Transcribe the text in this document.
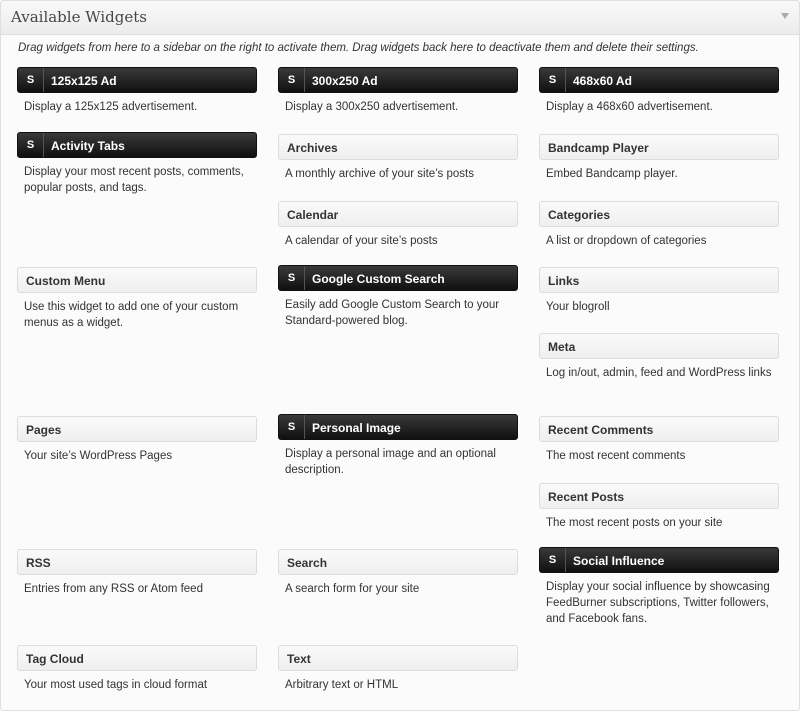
Available Widgets
Drag widgets from here to a sidebar on the right to activate them. Drag widgets back here to deactivate them and delete their settings.
S	125x125 Ad
Display a 125x125 advertisement.
S	300x250 Ad
Display a 300x250 advertisement.
S	468x60 Ad
Display a 468x60 advertisement.
S	Activity Tabs
Display your most recent posts, comments, popular posts, and tags.
Archives
A monthly archive of your site’s posts
Bandcamp Player
Embed Bandcamp player.
Calendar
A calendar of your site’s posts
Categories
A list or dropdown of categories
Custom Menu
Use this widget to add one of your custom menus as a widget.
S	Google Custom Search
Easily add Google Custom Search to your Standard-powered blog.
Links
Your blogroll
Meta
Log in/out, admin, feed and WordPress links
Pages
Your site’s WordPress Pages
S	Personal Image
Display a personal image and an optional description.
Recent Comments
The most recent comments
Recent Posts
The most recent posts on your site
RSS
Entries from any RSS or Atom feed
Search
A search form for your site
S	Social Influence
Display your social influence by showcasing FeedBurner subscriptions, Twitter followers, and Facebook fans.
Tag Cloud
Your most used tags in cloud format
Text
Arbitrary text or HTML
